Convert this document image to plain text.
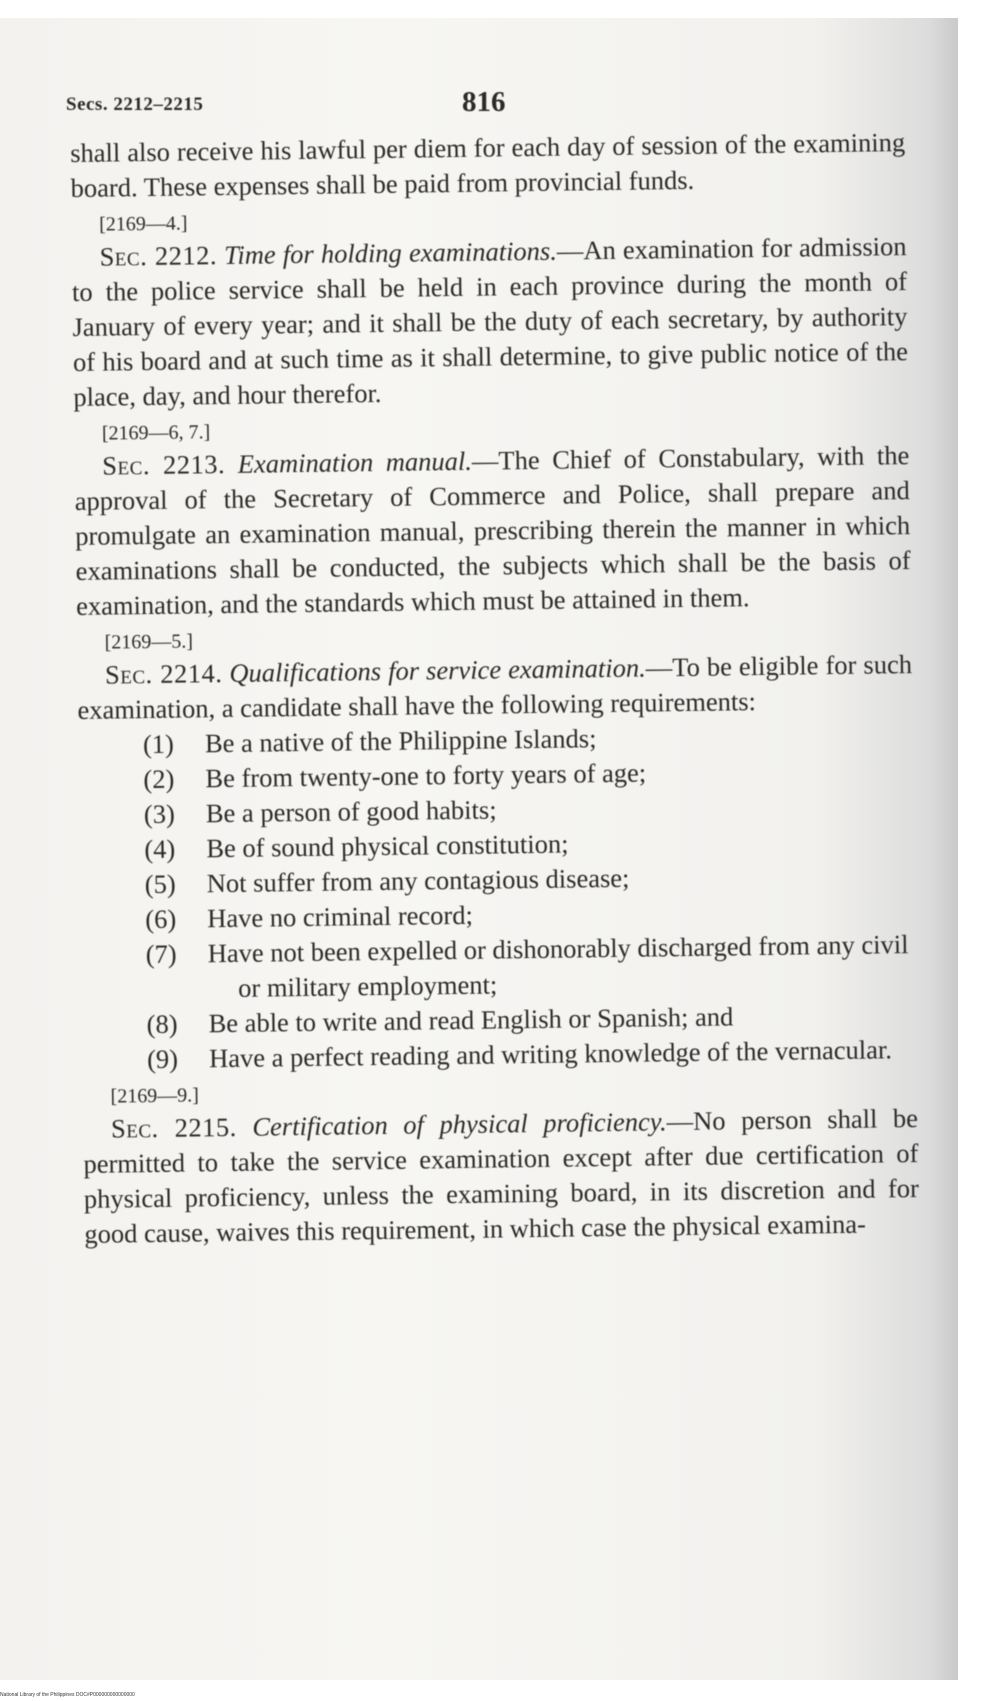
Secs. 2212–2215	816

shall also receive his lawful per diem for each day of session of the examining board. These expenses shall be paid from provincial funds.

[2169—4.]

Sec. 2212. Time for holding examinations.—An examination for admission to the police service shall be held in each province during the month of January of every year; and it shall be the duty of each secretary, by authority of his board and at such time as it shall determine, to give public notice of the place, day, and hour therefor.

[2169—6, 7.]

Sec. 2213. Examination manual.—The Chief of Constabulary, with the approval of the Secretary of Commerce and Police, shall prepare and promulgate an examination manual, prescribing therein the manner in which examinations shall be conducted, the subjects which shall be the basis of examination, and the standards which must be attained in them.

[2169—5.]

Sec. 2214. Qualifications for service examination.—To be eligible for such examination, a candidate shall have the following requirements:

(1)	Be a native of the Philippine Islands;
(2)	Be from twenty-one to forty years of age;
(3)	Be a person of good habits;
(4)	Be of sound physical constitution;
(5)	Not suffer from any contagious disease;
(6)	Have no criminal record;
(7)	Have not been expelled or dishonorably discharged from any civil or military employment;
(8)	Be able to write and read English or Spanish; and
(9)	Have a perfect reading and writing knowledge of the vernacular.

[2169—9.]

Sec. 2215. Certification of physical proficiency.—No person shall be permitted to take the service examination except after due certification of physical proficiency, unless the examining board, in its discretion and for good cause, waives this requirement, in which case the physical examina-

National Library of the Philippines DOC#P000000000000000
